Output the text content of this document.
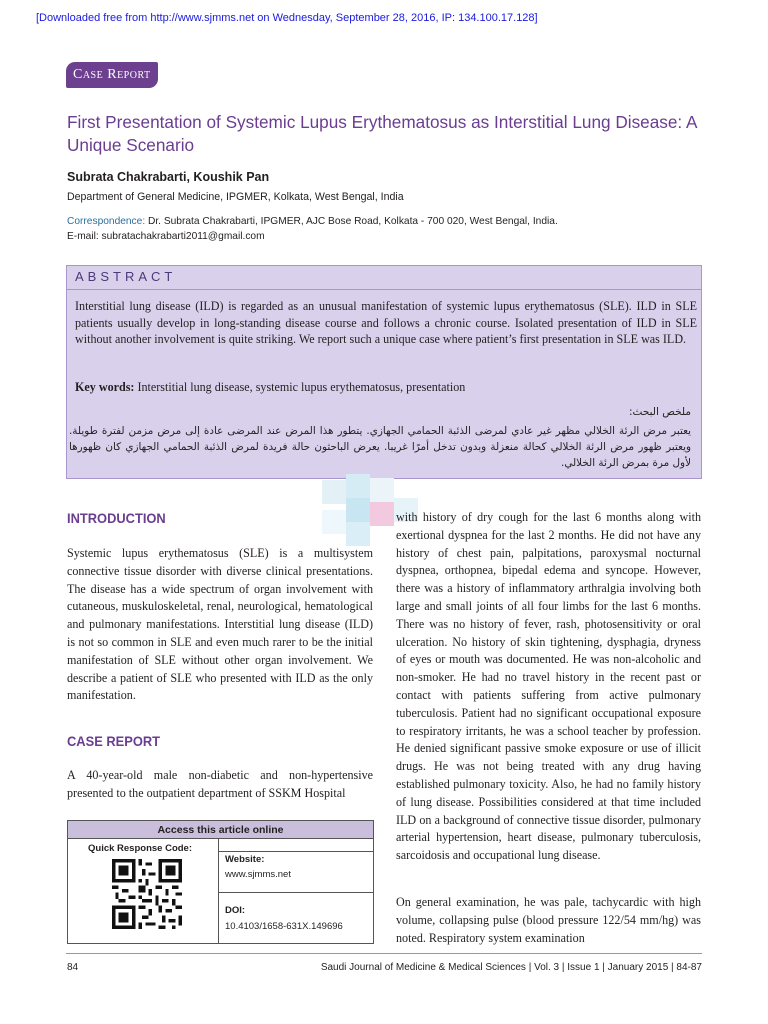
[Downloaded free from http://www.sjmms.net on Wednesday, September 28, 2016, IP: 134.100.17.128]
Case Report
First Presentation of Systemic Lupus Erythematosus as Interstitial Lung Disease: A Unique Scenario
Subrata Chakrabarti, Koushik Pan
Department of General Medicine, IPGMER, Kolkata, West Bengal, India
Correspondence: Dr. Subrata Chakrabarti, IPGMER, AJC Bose Road, Kolkata - 700 020, West Bengal, India.
E-mail: subratachakrabarti2011@gmail.com
ABSTRACT
Interstitial lung disease (ILD) is regarded as an unusual manifestation of systemic lupus erythematosus (SLE). ILD in SLE patients usually develop in long-standing disease course and follows a chronic course. Isolated presentation of ILD in SLE without another involvement is quite striking. We report such a unique case where patient’s first presentation in SLE was ILD.
Key words: Interstitial lung disease, systemic lupus erythematosus, presentation
ملخص البحث:
يعتبر مرض الرئة الخلالي مظهر غير عادي لمرضى الذئبة الحمامي الجهازي. يتطور هذا المرض عند المرضى عادة إلى مرض مزمن لفترة طويلة. ويعتبر ظهور مرض الرئة الخلالي كحالة منعزلة وبدون تدخل أمرًا غريبا. يعرض الباحثون حالة فريدة لمرض الذئبة الحمامي الجهازي كان ظهورها لأول مرة بمرض الرئة الخلالي.
INTRODUCTION
Systemic lupus erythematosus (SLE) is a multisystem connective tissue disorder with diverse clinical presentations. The disease has a wide spectrum of organ involvement with cutaneous, muskuloskeletal, renal, neurological, hematological and pulmonary manifestations. Interstitial lung disease (ILD) is not so common in SLE and even much rarer to be the initial manifestation of SLE without other organ involvement. We describe a patient of SLE who presented with ILD as the only manifestation.
CASE REPORT
A 40-year-old male non-diabetic and non-hypertensive presented to the outpatient department of SSKM Hospital
Access this article online
Quick Response Code:
Website:
www.sjmms.net
DOI:
10.4103/1658-631X.149696
with history of dry cough for the last 6 months along with exertional dyspnea for the last 2 months. He did not have any history of chest pain, palpitations, paroxysmal nocturnal dyspnea, orthopnea, bipedal edema and syncope. However, there was a history of inflammatory arthralgia involving both large and small joints of all four limbs for the last 6 months. There was no history of fever, rash, photosensitivity or oral ulceration. No history of skin tightening, dysphagia, dryness of eyes or mouth was documented. He was non-alcoholic and non-smoker. He had no travel history in the recent past or contact with patients suffering from active pulmonary tuberculosis. Patient had no significant occupational exposure to respiratory irritants, he was a school teacher by profession. He denied significant passive smoke exposure or use of illicit drugs. He was not being treated with any drug having established pulmonary toxicity. Also, he had no family history of lung disease. Possibilities considered at that time included ILD on a background of connective tissue disorder, pulmonary arterial hypertension, heart disease, pulmonary tuberculosis, sarcoidosis and occupational lung disease.
On general examination, he was pale, tachycardic with high volume, collapsing pulse (blood pressure 122/54 mm/hg) was noted. Respiratory system examination
84	Saudi Journal of Medicine & Medical Sciences | Vol. 3 | Issue 1 | January 2015 | 84-87
